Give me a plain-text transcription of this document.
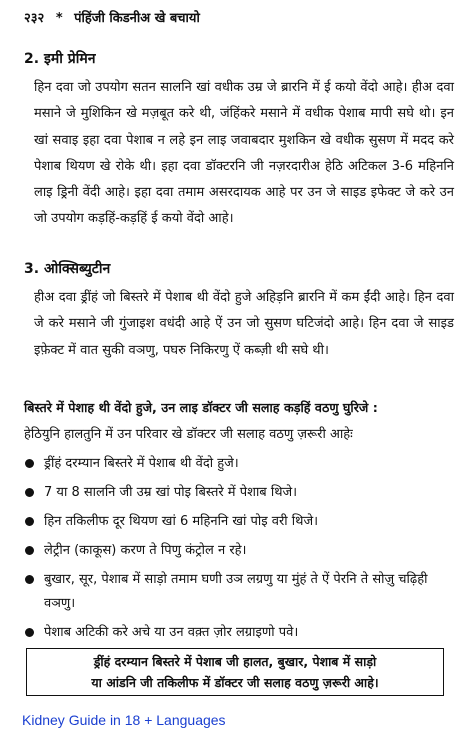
२३२ * पंहिंजी किडनीअ खे बचायो
2. इमी प्रेमिन

हिन दवा जो उपयोग सतन सालनि खां वधीक उम्र जे ब्रारनि में ई कयो वेंदो आहे। हीअ दवा मसाने जे मुशिकिन खे मज़बूत करे थी, जंहिंकरे मसाने में वधीक पेशाब मापी सघे थो। इन खां सवाइ इहा दवा पेशाब न लहे इन लाइ जवाबदार मुशकिन खे वधीक सुसण में मदद करे पेशाब थियण खे रोके थी। इहा दवा डॉक्टरनि जी नज़रदारीअ हेठि अटिकल 3-6 महिननि लाइ ड्रिनी वेंदी आहे। इहा दवा तमाम असरदायक आहे पर उन जे साइड इफेक्ट जे करे उन जो उपयोग कड़हिं-कड़हिं ई कयो वेंदो आहे।

3. ओक्सिब्युटीन

हीअ दवा ड्रींहं जो बिस्तरे में पेशाब थी वेंदो हुजे अहिड़नि ब्रारनि में कम ईंदी आहे। हिन दवा जे करे मसाने जी गुंजाइश वधंदी आहे ऐं उन जो सुसण घटिजंदो आहे। हिन दवा जे साइड इफ़ेक्ट में वात सुकी वञणु, पघरु निकिरणु ऐं कब्ज़ी थी सघे थी।

बिस्तरे में पेशाह थी वेंदो हुजे, उन लाइ डॉक्टर जी सलाह कड़हिं वठणु घुरिजे :
हेठियुनि हालतुनि में उन परिवार खे डॉक्टर जी सलाह वठणु ज़रूरी आहेः
ड्रींहं दरम्यान बिस्तरे में पेशाब थी वेंदो हुजे।
7 या 8 सालनि जी उम्र खां पोइ बिस्तरे में पेशाब थिजे।
हिन तकिलीफ दूर थियण खां 6 महिननि खां पोइ वरी थिजे।
लेट्रीन (काकूस) करण ते पिणु कंट्रोल न रहे।
बुखार, सूर, पेशाब में साड़ो तमाम घणी उञ लग्रणु या मुंहं ते ऐं पेरनि ते सोज़ु चढ़िही वञणु।
पेशाब अटिकी करे अचे या उन वक़्त ज़ोर लग्राइणो पवे।
ड्रींहं दरम्यान बिस्तरे में पेशाब जी हालत, बुखार, पेशाब में साड़ो
या आंडनि जी तकिलीफ में डॉक्टर जी सलाह वठणु ज़रूरी आहे।
Kidney Guide in 18 + Languages
